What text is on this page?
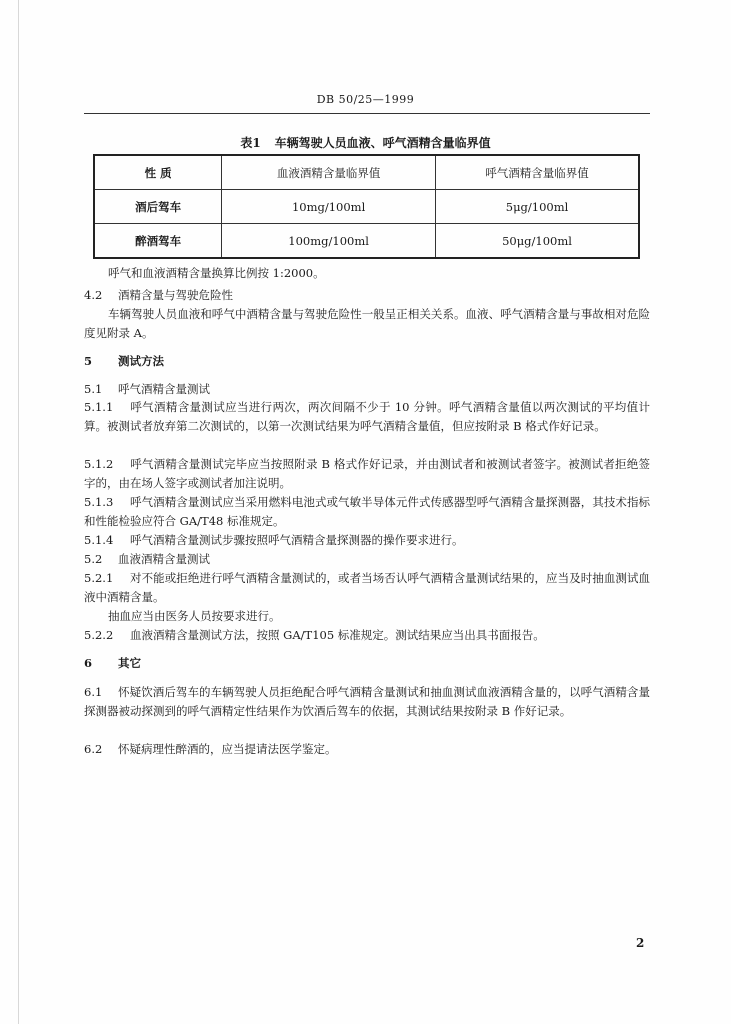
DB 50/25—1999
表1 车辆驾驶人员血液、呼气酒精含量临界值
性 质	血液酒精含量临界值	呼气酒精含量临界值
酒后驾车	10mg/100ml	5μg/100ml
醉酒驾车	100mg/100ml	50μg/100ml

呼气和血液酒精含量换算比例按 1:2000。

4.2 酒精含量与驾驶危险性

车辆驾驶人员血液和呼气中酒精含量与驾驶危险性一般呈正相关关系。血液、呼气酒精含量与事故相对危险度见附录 A。

5 测试方法

5.1 呼气酒精含量测试

5.1.1 呼气酒精含量测试应当进行两次，两次间隔不少于 10 分钟。呼气酒精含量值以两次测试的平均值计算。被测试者放弃第二次测试的，以第一次测试结果为呼气酒精含量值，但应按附录 B 格式作好记录。

5.1.2 呼气酒精含量测试完毕应当按照附录 B 格式作好记录，并由测试者和被测试者签字。被测试者拒绝签字的，由在场人签字或测试者加注说明。

5.1.3 呼气酒精含量测试应当采用燃料电池式或气敏半导体元件式传感器型呼气酒精含量探测器，其技术指标和性能检验应符合 GA/T48 标准规定。

5.1.4 呼气酒精含量测试步骤按照呼气酒精含量探测器的操作要求进行。

5.2 血液酒精含量测试

5.2.1 对不能或拒绝进行呼气酒精含量测试的，或者当场否认呼气酒精含量测试结果的，应当及时抽血测试血液中酒精含量。

抽血应当由医务人员按要求进行。

5.2.2 血液酒精含量测试方法，按照 GA/T105 标准规定。测试结果应当出具书面报告。

6 其它

6.1 怀疑饮酒后驾车的车辆驾驶人员拒绝配合呼气酒精含量测试和抽血测试血液酒精含量的，以呼气酒精含量探测器被动探测到的呼气酒精定性结果作为饮酒后驾车的依据，其测试结果按附录 B 作好记录。

6.2 怀疑病理性醉酒的，应当提请法医学鉴定。

2
